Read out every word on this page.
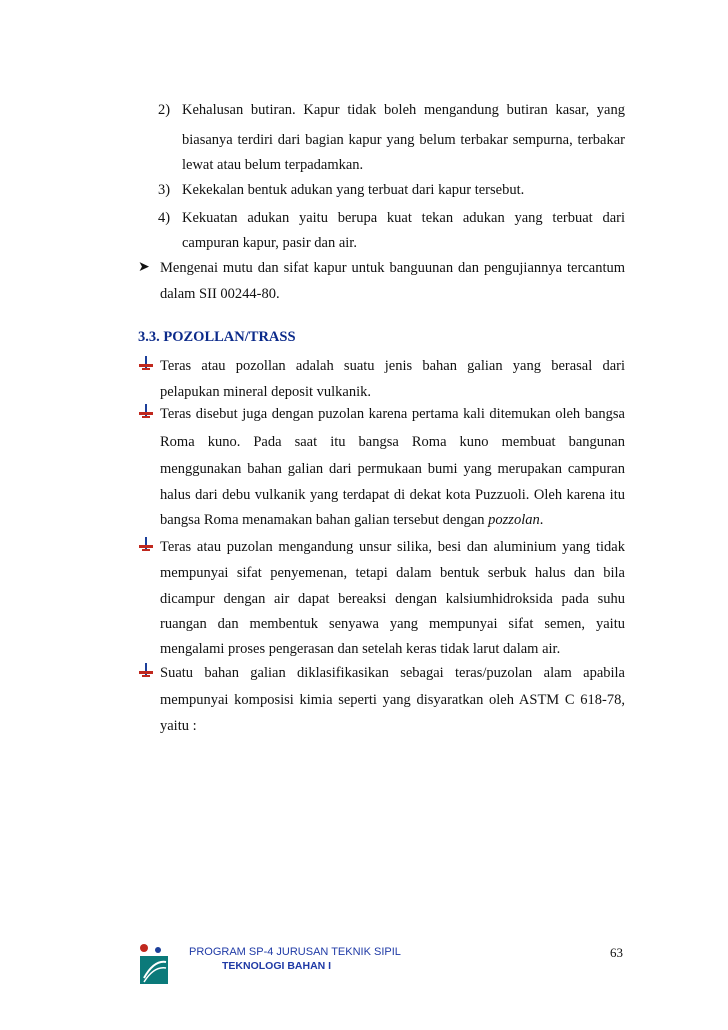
2) Kehalusan butiran. Kapur tidak boleh mengandung butiran kasar, yang
biasanya terdiri dari bagian kapur yang belum terbakar sempurna, terbakar
lewat atau belum terpadamkan.
3) Kekekalan bentuk adukan yang terbuat dari kapur tersebut.
4) Kekuatan adukan yaitu berupa kuat tekan adukan yang terbuat dari
campuran kapur, pasir dan air.
➤ Mengenai mutu dan sifat kapur untuk banguunan dan pengujiannya tercantum
dalam SII 00244-80.
3.3. POZOLLAN/TRASS
Teras atau pozollan adalah suatu jenis bahan galian yang berasal dari
pelapukan mineral deposit vulkanik.
Teras disebut juga dengan puzolan karena pertama kali ditemukan oleh bangsa
Roma kuno. Pada saat itu bangsa Roma kuno membuat bangunan
menggunakan bahan galian dari permukaan bumi yang merupakan campuran
halus dari debu vulkanik yang terdapat di dekat kota Puzzuoli. Oleh karena itu
bangsa Roma menamakan bahan galian tersebut dengan pozzolan.
Teras atau puzolan mengandung unsur silika, besi dan aluminium yang tidak
mempunyai sifat penyemenan, tetapi dalam bentuk serbuk halus dan bila
dicampur dengan air dapat bereaksi dengan kalsiumhidroksida pada suhu
ruangan dan membentuk senyawa yang mempunyai sifat semen, yaitu
mengalami proses pengerasan dan setelah keras tidak larut dalam air.
Suatu bahan galian diklasifikasikan sebagai teras/puzolan alam apabila
mempunyai komposisi kimia seperti yang disyaratkan oleh ASTM C 618-78,
yaitu :
PROGRAM SP-4 JURUSAN TEKNIK SIPIL
TEKNOLOGI BAHAN I
63
